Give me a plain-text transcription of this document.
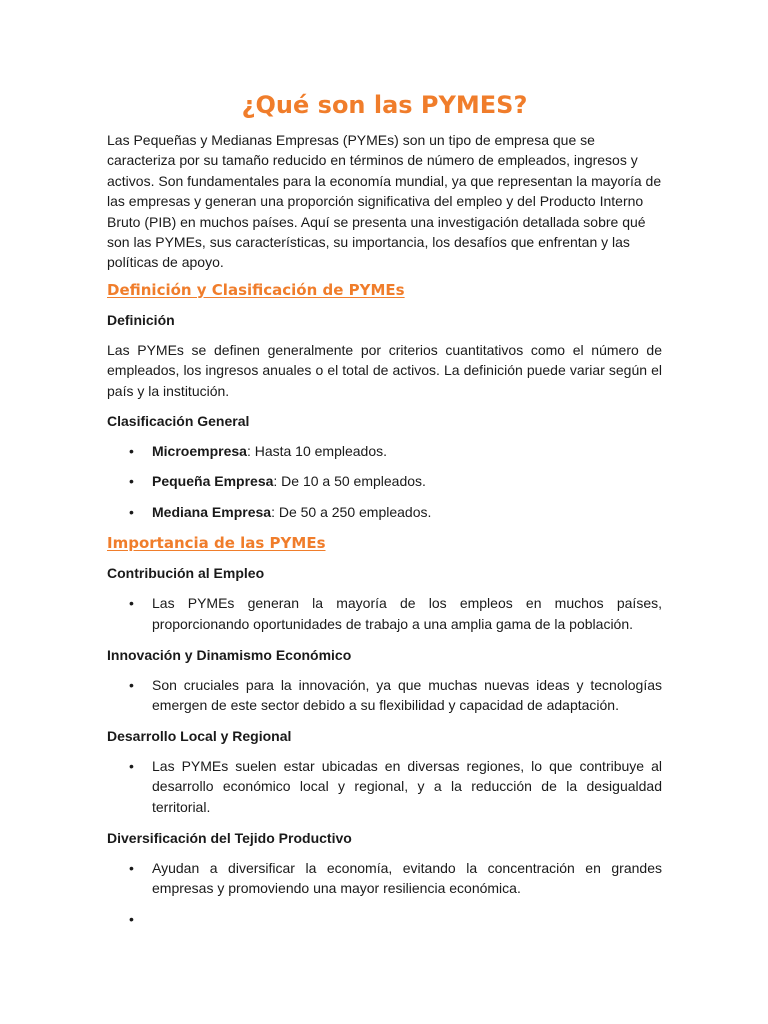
¿Qué son las PYMES?

Las Pequeñas y Medianas Empresas (PYMEs) son un tipo de empresa que se caracteriza por su tamaño reducido en términos de número de empleados, ingresos y activos. Son fundamentales para la economía mundial, ya que representan la mayoría de las empresas y generan una proporción significativa del empleo y del Producto Interno Bruto (PIB) en muchos países. Aquí se presenta una investigación detallada sobre qué son las PYMEs, sus características, su importancia, los desafíos que enfrentan y las políticas de apoyo.

Definición y Clasificación de PYMEs
Definición

Las PYMEs se definen generalmente por criterios cuantitativos como el número de empleados, los ingresos anuales o el total de activos. La definición puede variar según el país y la institución.

Clasificación General
• Microempresa: Hasta 10 empleados.
• Pequeña Empresa: De 10 a 50 empleados.
• Mediana Empresa: De 50 a 250 empleados.
Importancia de las PYMEs
Contribución al Empleo
• Las PYMEs generan la mayoría de los empleos en muchos países, proporcionando oportunidades de trabajo a una amplia gama de la población.
Innovación y Dinamismo Económico
• Son cruciales para la innovación, ya que muchas nuevas ideas y tecnologías emergen de este sector debido a su flexibilidad y capacidad de adaptación.
Desarrollo Local y Regional
• Las PYMEs suelen estar ubicadas en diversas regiones, lo que contribuye al desarrollo económico local y regional, y a la reducción de la desigualdad territorial.
Diversificación del Tejido Productivo
• Ayudan a diversificar la economía, evitando la concentración en grandes empresas y promoviendo una mayor resiliencia económica.
•
